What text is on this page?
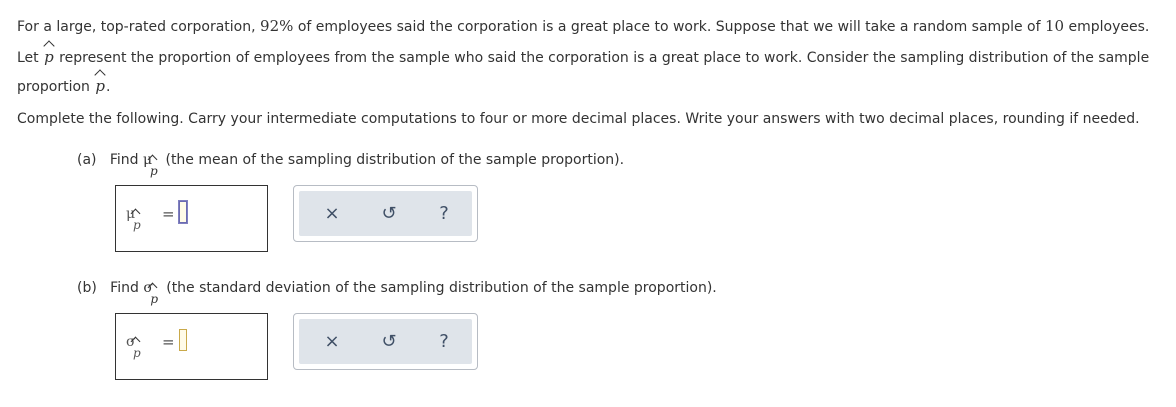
For a large, top-rated corporation, 92% of employees said the corporation is a great place to work. Suppose that we will take a random sample of 10 employees.
Let p represent the proportion of employees from the sample who said the corporation is a great place to work. Consider the sampling distribution of the sample
proportion p.
Complete the following. Carry your intermediate computations to four or more decimal places. Write your answers with two decimal places, rounding if needed.
(a) Find μ
p
(the mean of the sampling distribution of the sample proportion).
μ
p
=	× ↺ ?
(b) Find σ
p
(the standard deviation of the sampling distribution of the sample proportion).
σ
p
=	× ↺ ?
